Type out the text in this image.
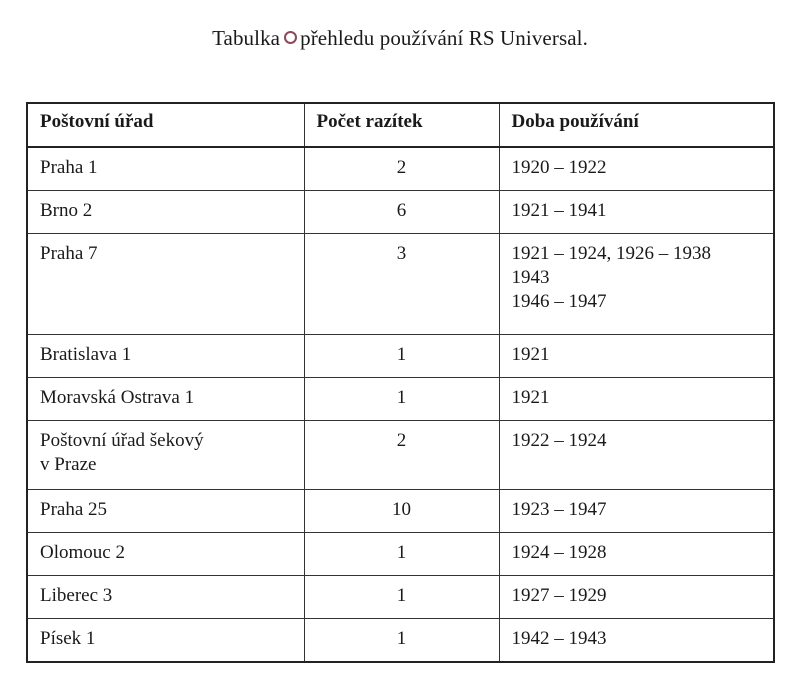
Tabulka přehledu používání RS Universal.
Poštovní úřad	Počet razítek	Doba používání

Praha 1	2	1920 – 1922

Brno 2	6	1921 – 1941

Praha 7	3	1921 – 1924, 1926 – 1938
1943
1946 – 1947

Bratislava 1	1	1921

Moravská Ostrava 1	1	1921

Poštovní úřad šekový
v Praze	2	1922 – 1924

Praha 25	10	1923 – 1947

Olomouc 2	1	1924 – 1928

Liberec 3	1	1927 – 1929

Písek 1	1	1942 – 1943
